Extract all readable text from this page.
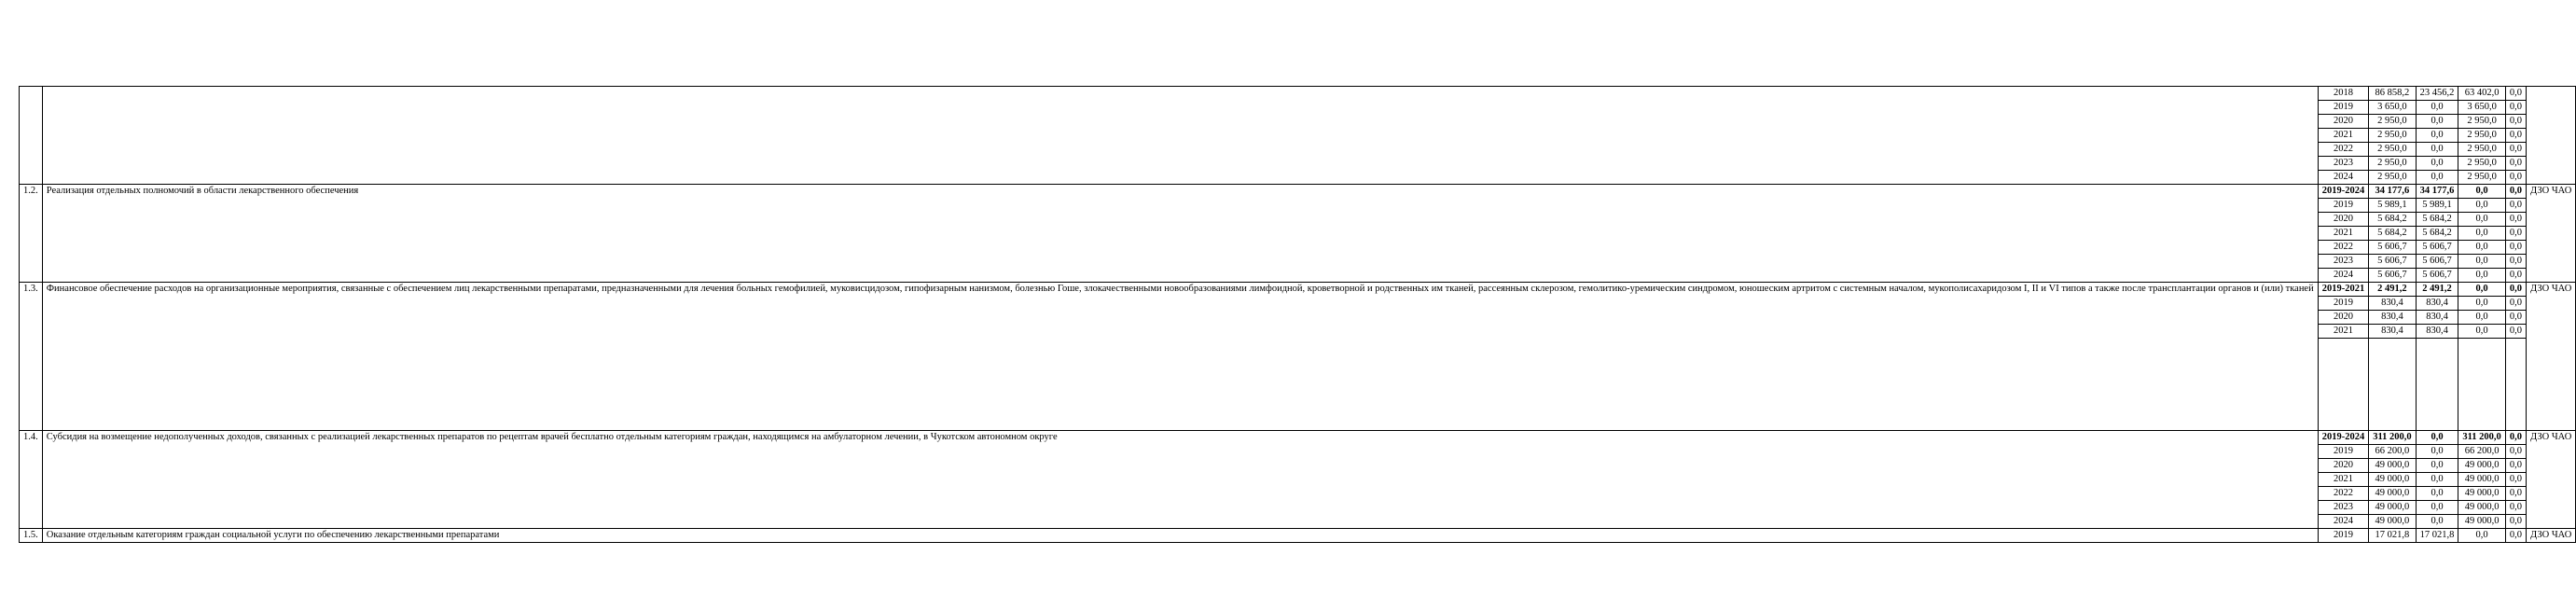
		2018	86 858,2	23 456,2	63 402,0	0,0	
		2019	3 650,0	0,0	3 650,0	0,0	
		2020	2 950,0	0,0	2 950,0	0,0	
		2021	2 950,0	0,0	2 950,0	0,0	
		2022	2 950,0	0,0	2 950,0	0,0	
		2023	2 950,0	0,0	2 950,0	0,0	
		2024	2 950,0	0,0	2 950,0	0,0	
1.2.	Реализация отдельных полномочий в области лекарственного обеспечения	2019-2024	34 177,6	34 177,6	0,0	0,0	ДЗО ЧАО
		2019	5 989,1	5 989,1	0,0	0,0	
		2020	5 684,2	5 684,2	0,0	0,0	
		2021	5 684,2	5 684,2	0,0	0,0	
		2022	5 606,7	5 606,7	0,0	0,0	
		2023	5 606,7	5 606,7	0,0	0,0	
		2024	5 606,7	5 606,7	0,0	0,0	
1.3.	Финансовое обеспечение расходов на организационные мероприятия, связанные с обеспечением лиц лекарственными препаратами, предназначенными для лечения больных гемофилией, муковисцидозом, гипофизарным нанизмом, болезнью Гоше, злокачественными новообразованиями лимфоидной, кроветворной и родственных им тканей, рассеянным склерозом, гемолитико-уремическим синдромом, юношеским артритом с системным началом, мукополисахаридозом I, II и VI типов а также после трансплантации органов и (или) тканей	2019-2021	2 491,2	2 491,2	0,0	0,0	ДЗО ЧАО
		2019	830,4	830,4	0,0	0,0	
		2020	830,4	830,4	0,0	0,0	
		2021	830,4	830,4	0,0	0,0	

1.4.	Субсидия на возмещение недополученных доходов, связанных с реализацией лекарственных препаратов по рецептам врачей бесплатно отдельным категориям граждан, находящимся на амбулаторном лечении, в Чукотском автономном округе	2019-2024	311 200,0	0,0	311 200,0	0,0	ДЗО ЧАО
		2019	66 200,0	0,0	66 200,0	0,0	
		2020	49 000,0	0,0	49 000,0	0,0	
		2021	49 000,0	0,0	49 000,0	0,0	
		2022	49 000,0	0,0	49 000,0	0,0	
		2023	49 000,0	0,0	49 000,0	0,0	
		2024	49 000,0	0,0	49 000,0	0,0	
1.5.	Оказание отдельным категориям граждан социальной услуги по обеспечению лекарственными препаратами	2019	17 021,8	17 021,8	0,0	0,0	ДЗО ЧАО
